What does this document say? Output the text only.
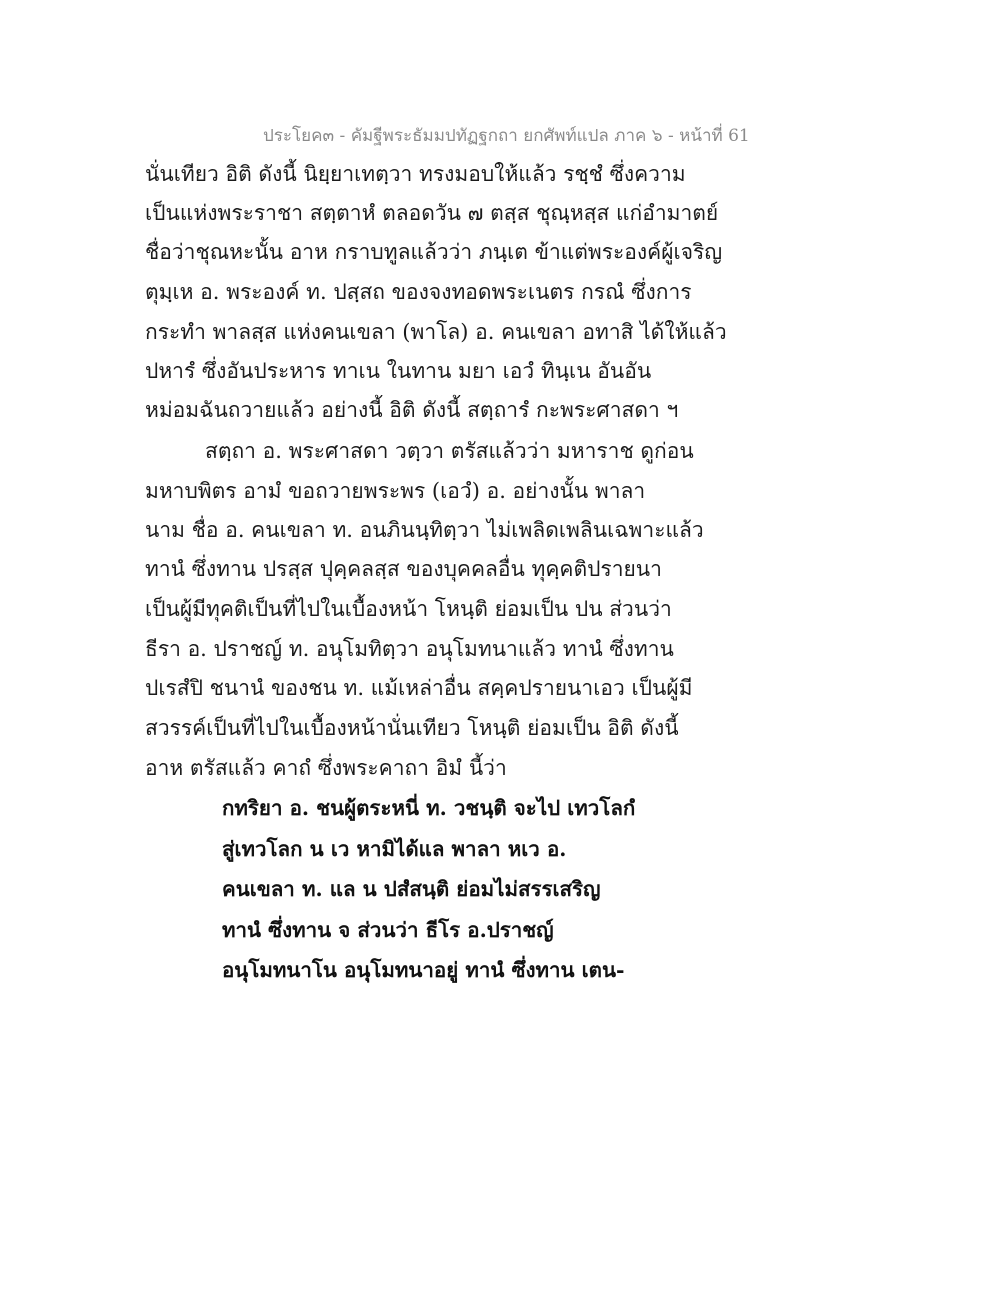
ประโยค๓ - คัมฐีพระธัมมปทัฏฐกถา ยกศัพท์แปล ภาค ๖ - หน้าที่ 61
นั่นเทียว อิติ ดังนี้ นิยฺยาเทตฺวา ทรงมอบให้แล้ว รชฺชํ ซึ่งความ
เป็นแห่งพระราชา สตฺตาหํ ตลอดวัน ๗ ตสฺส ชุณฺหสฺส แก่อำมาตย์
ชื่อว่าชุณหะนั้น อาห กราบทูลแล้วว่า ภนฺเต ข้าแต่พระองค์ผู้เจริญ
ตุมฺเห อ. พระองค์ ท. ปสฺสถ ของจงทอดพระเนตร กรณํ ซึ่งการ
กระทำ พาลสฺส แห่งคนเขลา (พาโล) อ. คนเขลา อทาสิ ได้ให้แล้ว
ปหารํ ซึ่งอันประหาร ทาเน ในทาน มยา เอวํ ทินฺเน อันอัน
หม่อมฉันถวายแล้ว อย่างนี้ อิติ ดังนี้ สตฺถารํ กะพระศาสดา ฯ
สตฺถา อ. พระศาสดา วตฺวา ตรัสแล้วว่า มหาราช ดูก่อน
มหาบพิตร อามํ ขอถวายพระพร (เอวํ) อ. อย่างนั้น พาลา
นาม ชื่อ อ. คนเขลา ท. อนภินนฺทิตฺวา ไม่เพลิดเพลินเฉพาะแล้ว
ทานํ ซึ่งทาน ปรสฺส ปุคฺคลสฺส ของบุคคลอื่น ทุคฺคติปรายนา
เป็นผู้มีทุคติเป็นที่ไปในเบื้องหน้า โหนฺติ ย่อมเป็น ปน ส่วนว่า
ธีรา อ. ปราชญ์ ท. อนุโมทิตฺวา อนุโมทนาแล้ว ทานํ ซึ่งทาน
ปเรสํปิ ชนานํ ของชน ท. แม้เหล่าอื่น สคฺคปรายนาเอว เป็นผู้มี
สวรรค์เป็นที่ไปในเบื้องหน้านั่นเทียว โหนฺติ ย่อมเป็น อิติ ดังนี้
อาห ตรัสแล้ว คาถํ ซึ่งพระคาถา อิมํ นี้ว่า
กทริยา อ. ชนผู้ตระหนี่ ท. วชนฺติ จะไป เทวโลกํ
สู่เทวโลก น เว หามิได้แล พาลา หเว อ.
คนเขลา ท. แล น ปสํสนฺติ ย่อมไม่สรรเสริญ
ทานํ ซึ่งทาน จ ส่วนว่า ธีโร อ.ปราชญ์
อนุโมทนาโน อนุโมทนาอยู่ ทานํ ซึ่งทาน เตน-
